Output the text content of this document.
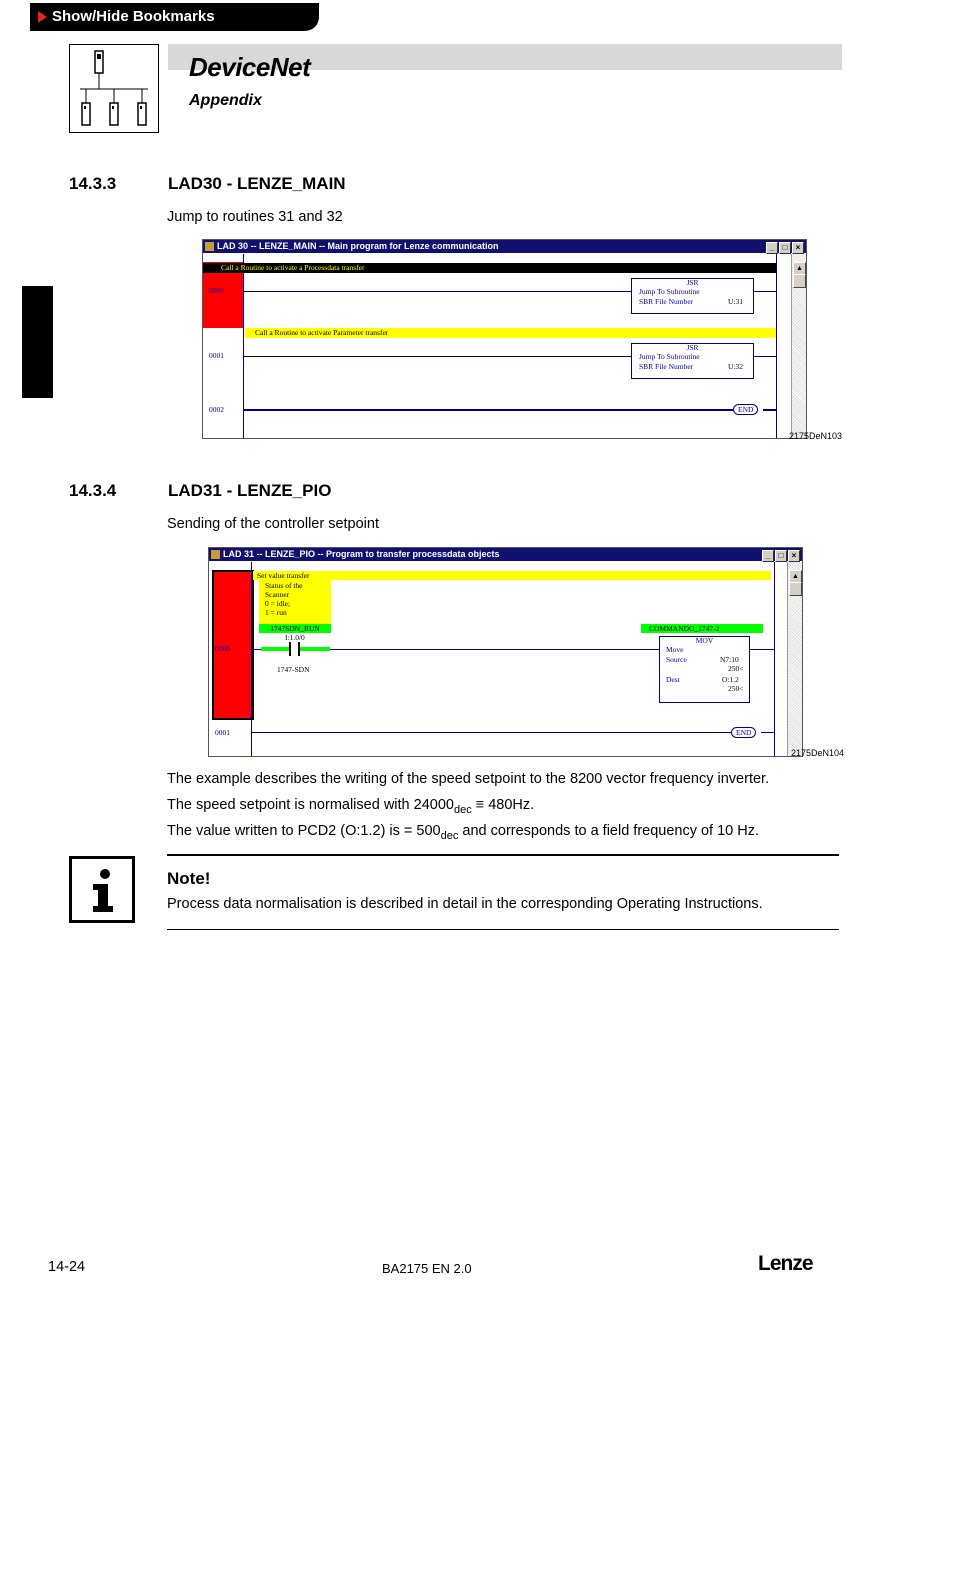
Show/Hide Bookmarks
DeviceNet
Appendix
14.3.3	LAD30 - LENZE_MAIN
Jump to routines 31 and 32
LAD 30 -- LENZE_MAIN -- Main program for Lenze communication	_ □ ×
Call a Routine to activate a Processdata transfer
Call a Routine to activate Parameter transfer
0000
0001
0002
JSR
Jump To Subroutine
SBR File Number	U:31
JSR
Jump To Subroutine
SBR File Number	U:32
END
▲
2175DeN103
14.3.4	LAD31 - LENZE_PIO
Sending of the controller setpoint
LAD 31 -- LENZE_PIO -- Program to transfer processdata objects	_ □ ×
Set value transfer
Status of the
Scanner
0 = idle;
1 = run
1747SDN_RUN
I:1.0/0
1747-SDN
COMMANDO_1747-2
MOV
Move
Source	N7:10
250<
Dest	O:1.2
250<
0000
0001	END
▲
2175DeN104
The example describes the writing of the speed setpoint to the 8200 vector frequency inverter.
The speed setpoint is normalised with $24000_{dec} \equiv 480Hz$.
The value written to PCD2 (O:1.2) is = $500_{dec}$ and corresponds to a field frequency of 10 Hz.
Note!
Process data normalisation is described in detail in the corresponding Operating Instructions.
14-24	BA2175 EN 2.0	Lenze
